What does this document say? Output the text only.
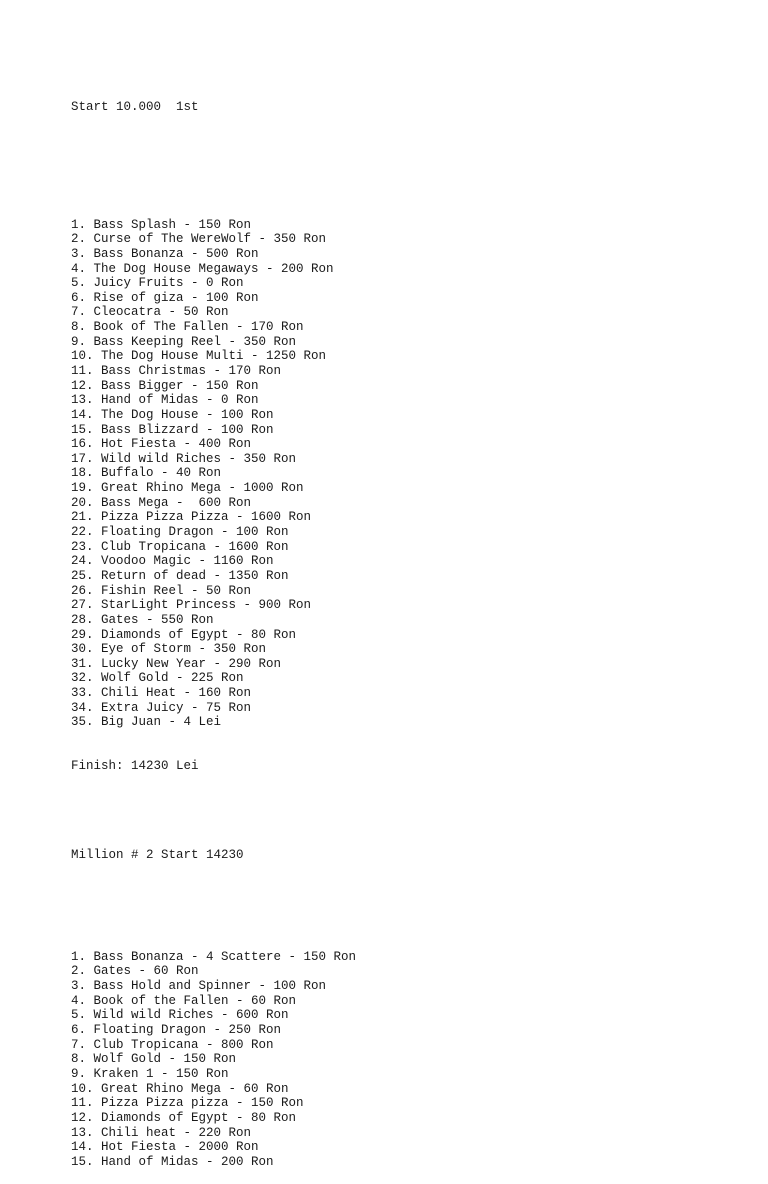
Start 10.000  1st

1. Bass Splash - 150 Ron
2. Curse of The WereWolf - 350 Ron
3. Bass Bonanza - 500 Ron
4. The Dog House Megaways - 200 Ron
5. Juicy Fruits - 0 Ron
6. Rise of giza - 100 Ron
7. Cleocatra - 50 Ron
8. Book of The Fallen - 170 Ron
9. Bass Keeping Reel - 350 Ron
10. The Dog House Multi - 1250 Ron
11. Bass Christmas - 170 Ron
12. Bass Bigger - 150 Ron
13. Hand of Midas - 0 Ron
14. The Dog House - 100 Ron
15. Bass Blizzard - 100 Ron
16. Hot Fiesta - 400 Ron
17. Wild wild Riches - 350 Ron
18. Buffalo - 40 Ron
19. Great Rhino Mega - 1000 Ron
20. Bass Mega -  600 Ron
21. Pizza Pizza Pizza - 1600 Ron
22. Floating Dragon - 100 Ron
23. Club Tropicana - 1600 Ron
24. Voodoo Magic - 1160 Ron
25. Return of dead - 1350 Ron
26. Fishin Reel - 50 Ron
27. StarLight Princess - 900 Ron
28. Gates - 550 Ron
29. Diamonds of Egypt - 80 Ron
30. Eye of Storm - 350 Ron
31. Lucky New Year - 290 Ron
32. Wolf Gold - 225 Ron
33. Chili Heat - 160 Ron
34. Extra Juicy - 75 Ron
35. Big Juan - 4 Lei

Finish: 14230 Lei

Million # 2 Start 14230

1. Bass Bonanza - 4 Scattere - 150 Ron
2. Gates - 60 Ron
3. Bass Hold and Spinner - 100 Ron
4. Book of the Fallen - 60 Ron
5. Wild wild Riches - 600 Ron
6. Floating Dragon - 250 Ron
7. Club Tropicana - 800 Ron
8. Wolf Gold - 150 Ron
9. Kraken 1 - 150 Ron
10. Great Rhino Mega - 60 Ron
11. Pizza Pizza pizza - 150 Ron
12. Diamonds of Egypt - 80 Ron
13. Chili heat - 220 Ron
14. Hot Fiesta - 2000 Ron
15. Hand of Midas - 200 Ron
